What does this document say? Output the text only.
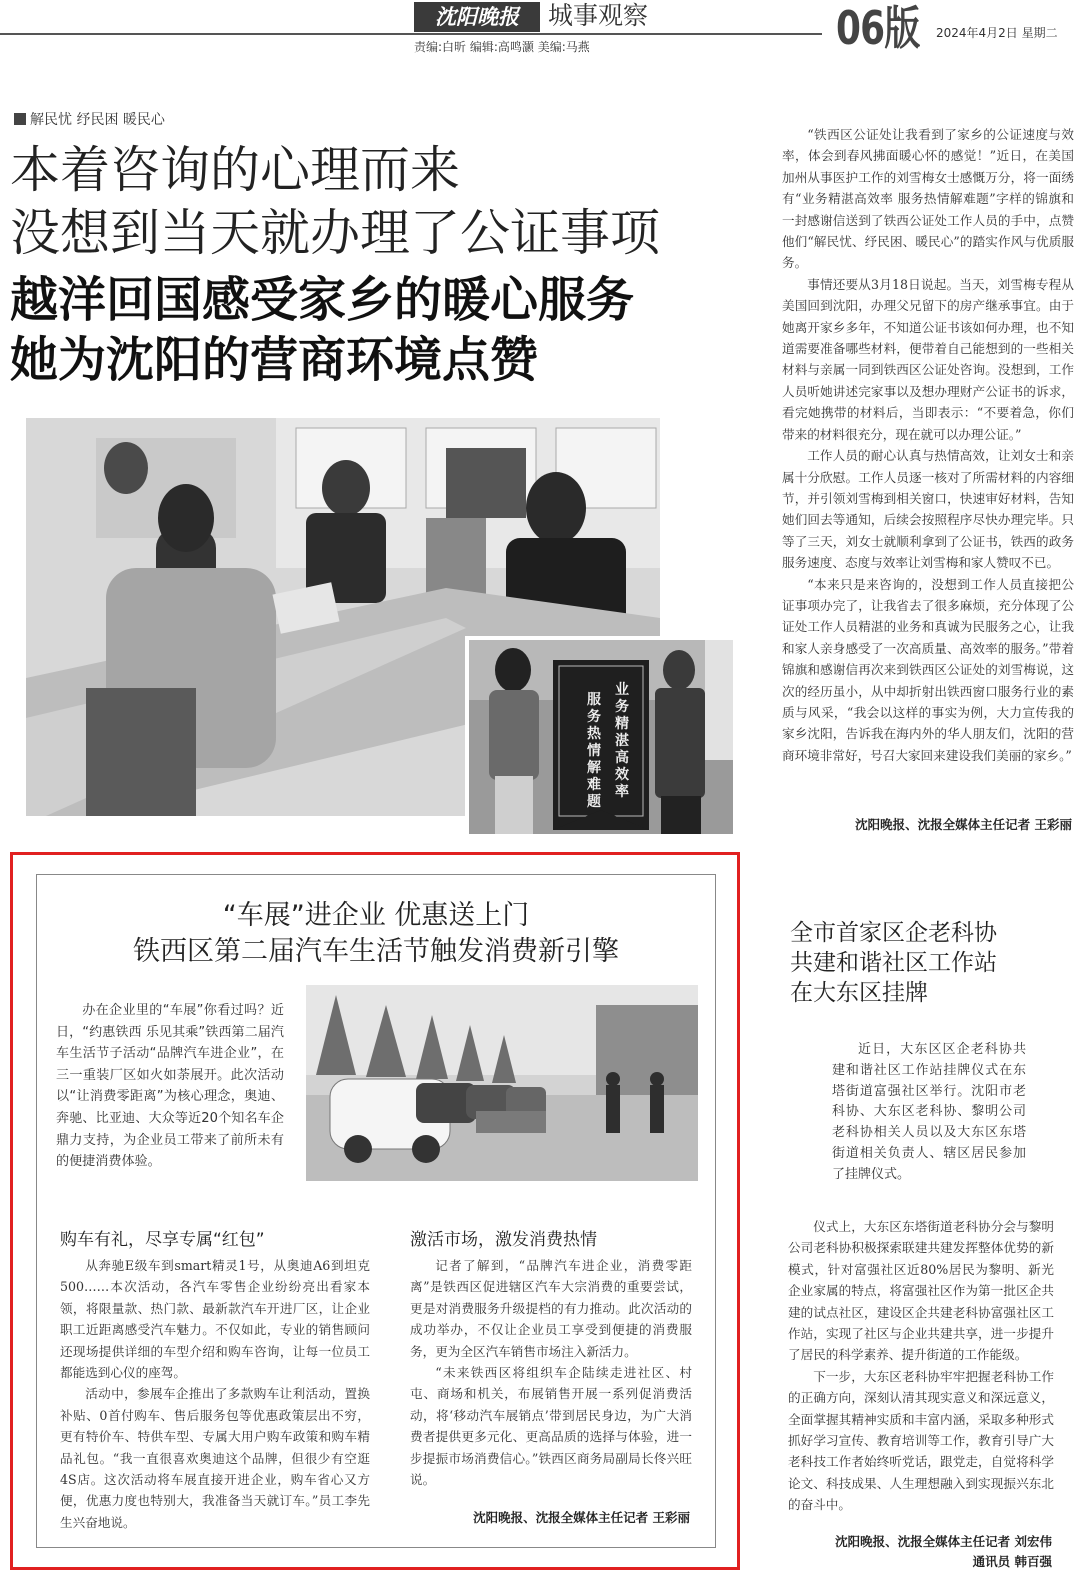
沈阳晚报	城事观察
责编:白昕 编辑:高鸣灏 美编:马燕	06版 2024年4月2日 星期二
解民忧 纾民困 暖民心
本着咨询的心理而来
没想到当天就办理了公证事项
越洋回国感受家乡的暖心服务
她为沈阳的营商环境点赞
业务精湛高效率
服务热情解难题

“铁西区公证处让我看到了家乡的公证速度与效率，体会到春风拂面暖心怀的感觉！”近日，在美国加州从事医护工作的刘雪梅女士感慨万分，将一面绣有“业务精湛高效率 服务热情解难题”字样的锦旗和一封感谢信送到了铁西公证处工作人员的手中，点赞他们“解民忧、纾民困、暖民心”的踏实作风与优质服务。

事情还要从3月18日说起。当天，刘雪梅专程从美国回到沈阳，办理父兄留下的房产继承事宜。由于她离开家乡多年，不知道公证书该如何办理，也不知道需要准备哪些材料，便带着自己能想到的一些相关材料与亲属一同到铁西区公证处咨询。没想到，工作人员听她讲述完家事以及想办理财产公证书的诉求，看完她携带的材料后，当即表示：“不要着急，你们带来的材料很充分，现在就可以办理公证。”

工作人员的耐心认真与热情高效，让刘女士和亲属十分欣慰。工作人员逐一核对了所需材料的内容细节，并引领刘雪梅到相关窗口，快速审好材料，告知她们回去等通知，后续会按照程序尽快办理完毕。只等了三天，刘女士就顺利拿到了公证书，铁西的政务服务速度、态度与效率让刘雪梅和家人赞叹不已。

“本来只是来咨询的，没想到工作人员直接把公证事项办完了，让我省去了很多麻烦，充分体现了公证处工作人员精湛的业务和真诚为民服务之心，让我和家人亲身感受了一次高质量、高效率的服务。”带着锦旗和感谢信再次来到铁西区公证处的刘雪梅说，这次的经历虽小，从中却折射出铁西窗口服务行业的素质与风采，“我会以这样的事实为例，大力宣传我的家乡沈阳，告诉我在海内外的华人朋友们，沈阳的营商环境非常好，号召大家回来建设我们美丽的家乡。”

沈阳晚报、沈报全媒体主任记者 王彩丽
“车展”进企业 优惠送上门
铁西区第二届汽车生活节触发消费新引擎

办在企业里的“车展”你看过吗？近日，“约惠铁西 乐见其乘”铁西第二届汽车生活节子活动“品牌汽车进企业”，在三一重装厂区如火如荼展开。此次活动以“让消费零距离”为核心理念，奥迪、奔驰、比亚迪、大众等近20个知名车企鼎力支持，为企业员工带来了前所未有的便捷消费体验。

购车有礼，尽享专属“红包”	激活市场，激发消费热情

从奔驰E级车到smart精灵1号，从奥迪A6到坦克500……本次活动，各汽车零售企业纷纷亮出看家本领，将限量款、热门款、最新款汽车开进厂区，让企业职工近距离感受汽车魅力。不仅如此，专业的销售顾问还现场提供详细的车型介绍和购车咨询，让每一位员工都能选到心仪的座驾。

活动中，参展车企推出了多款购车让利活动，置换补贴、0首付购车、售后服务包等优惠政策层出不穷，更有特价车、特供车型、专属大用户购车政策和购车精品礼包。“我一直很喜欢奥迪这个品牌，但很少有空逛4S店。这次活动将车展直接开进企业，购车省心又方便，优惠力度也特别大，我准备当天就订车。”员工李先生兴奋地说。

记者了解到，“品牌汽车进企业，消费零距离”是铁西区促进辖区汽车大宗消费的重要尝试，更是对消费服务升级提档的有力推动。此次活动的成功举办，不仅让企业员工享受到便捷的消费服务，更为全区汽车销售市场注入新活力。

“未来铁西区将组织车企陆续走进社区、村屯、商场和机关，布展销售开展一系列促消费活动，将‘移动汽车展销点’带到居民身边，为广大消费者提供更多元化、更高品质的选择与体验，进一步提振市场消费信心。”铁西区商务局副局长佟兴旺说。

沈阳晚报、沈报全媒体主任记者 王彩丽
全市首家区企老科协
共建和谐社区工作站
在大东区挂牌

近日，大东区区企老科协共建和谐社区工作站挂牌仪式在东塔街道富强社区举行。沈阳市老科协、大东区老科协、黎明公司老科协相关人员以及大东区东塔街道相关负责人、辖区居民参加了挂牌仪式。

仪式上，大东区东塔街道老科协分会与黎明公司老科协积极探索联建共建发挥整体优势的新模式，针对富强社区近80%居民为黎明、新光企业家属的特点，将富强社区作为第一批区企共建的试点社区，建设区企共建老科协富强社区工作站，实现了社区与企业共建共享，进一步提升了居民的科学素养、提升街道的工作能级。

下一步，大东区老科协牢牢把握老科协工作的正确方向，深刻认清其现实意义和深远意义，全面掌握其精神实质和丰富内涵，采取多种形式抓好学习宣传、教育培训等工作，教育引导广大老科技工作者始终听党话，跟党走，自觉将科学论文、科技成果、人生理想融入到实现振兴东北的奋斗中。

沈阳晚报、沈报全媒体主任记者 刘宏伟
通讯员 韩百强
